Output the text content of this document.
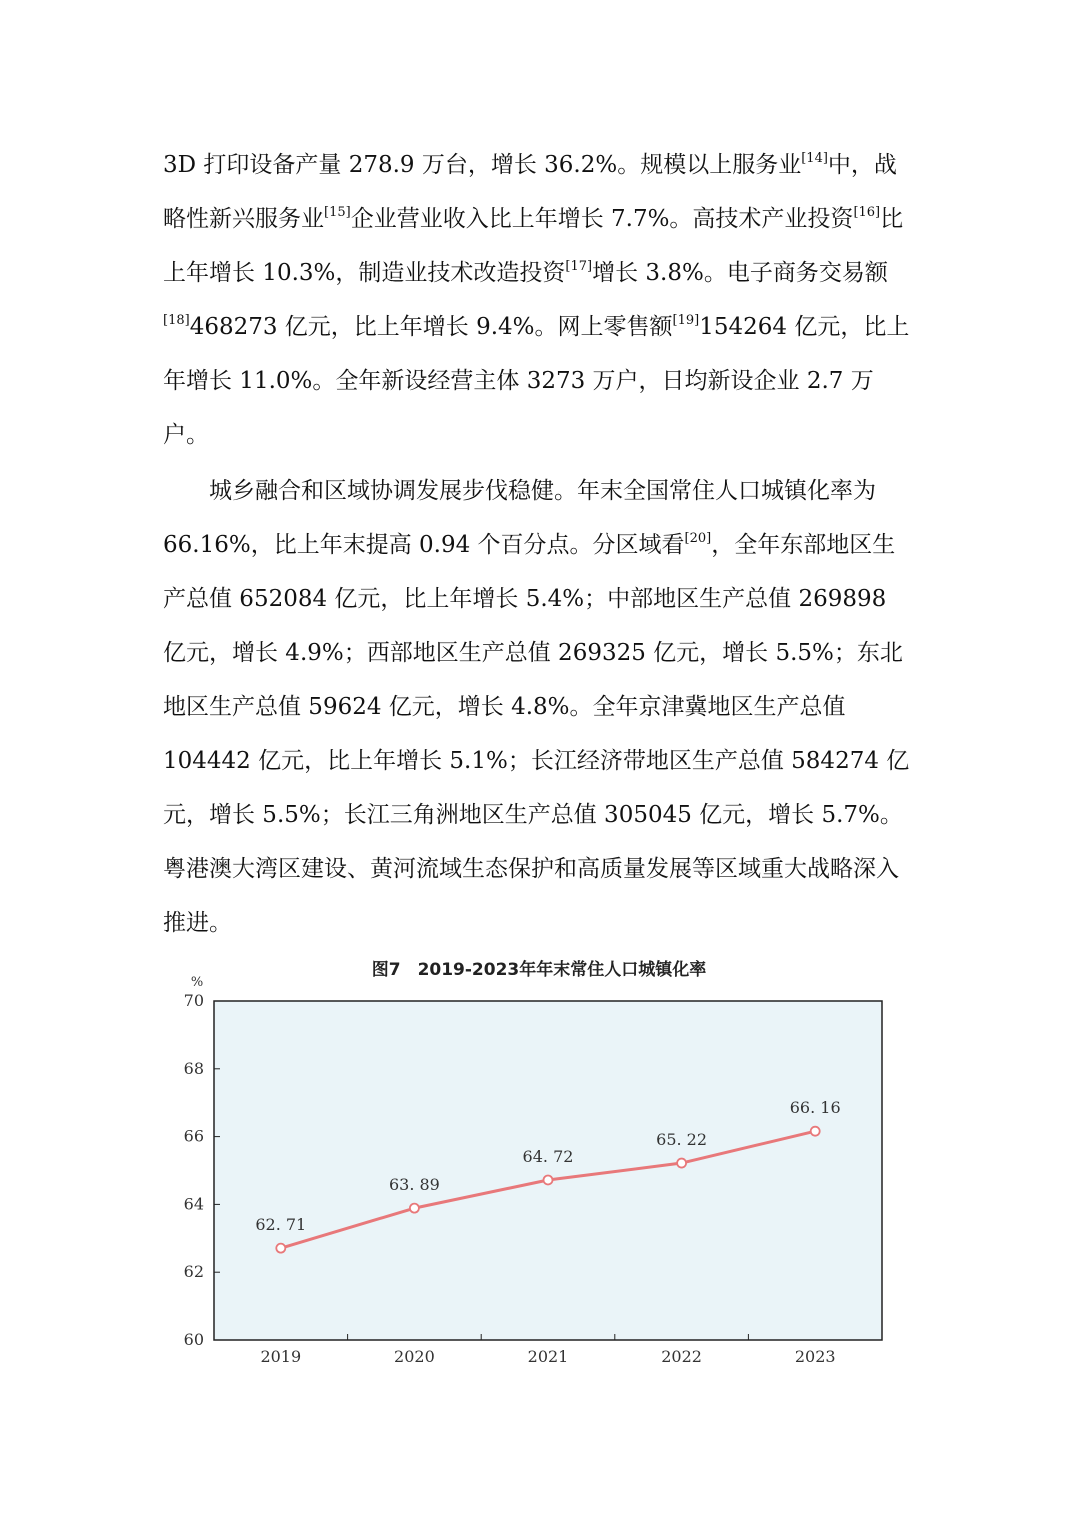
3D 打印设备产量 278.9 万台，增长 36.2%。规模以上服务业[14]中，战略性新兴服务业[15]企业营业收入比上年增长 7.7%。高技术产业投资[16]比上年增长 10.3%，制造业技术改造投资[17]增长 3.8%。电子商务交易额[18]468273 亿元，比上年增长 9.4%。网上零售额[19]154264 亿元，比上年增长 11.0%。全年新设经营主体 3273 万户，日均新设企业 2.7 万户。

城乡融合和区域协调发展步伐稳健。年末全国常住人口城镇化率为 66.16%，比上年末提高 0.94 个百分点。分区域看[20]，全年东部地区生产总值 652084 亿元，比上年增长 5.4%；中部地区生产总值 269898 亿元，增长 4.9%；西部地区生产总值 269325 亿元，增长 5.5%；东北地区生产总值 59624 亿元，增长 4.8%。全年京津冀地区生产总值 104442 亿元，比上年增长 5.1%；长江经济带地区生产总值 584274 亿元，增长 5.5%；长江三角洲地区生产总值 305045 亿元，增长 5.7%。粤港澳大湾区建设、黄河流域生态保护和高质量发展等区域重大战略深入推进。

图7　2019-2023年年末常住人口城镇化率
%
60
62
64
66
68
70
2019	2020	2021	2022	2023
62. 71
63. 89
64. 72
65. 22
66. 16
